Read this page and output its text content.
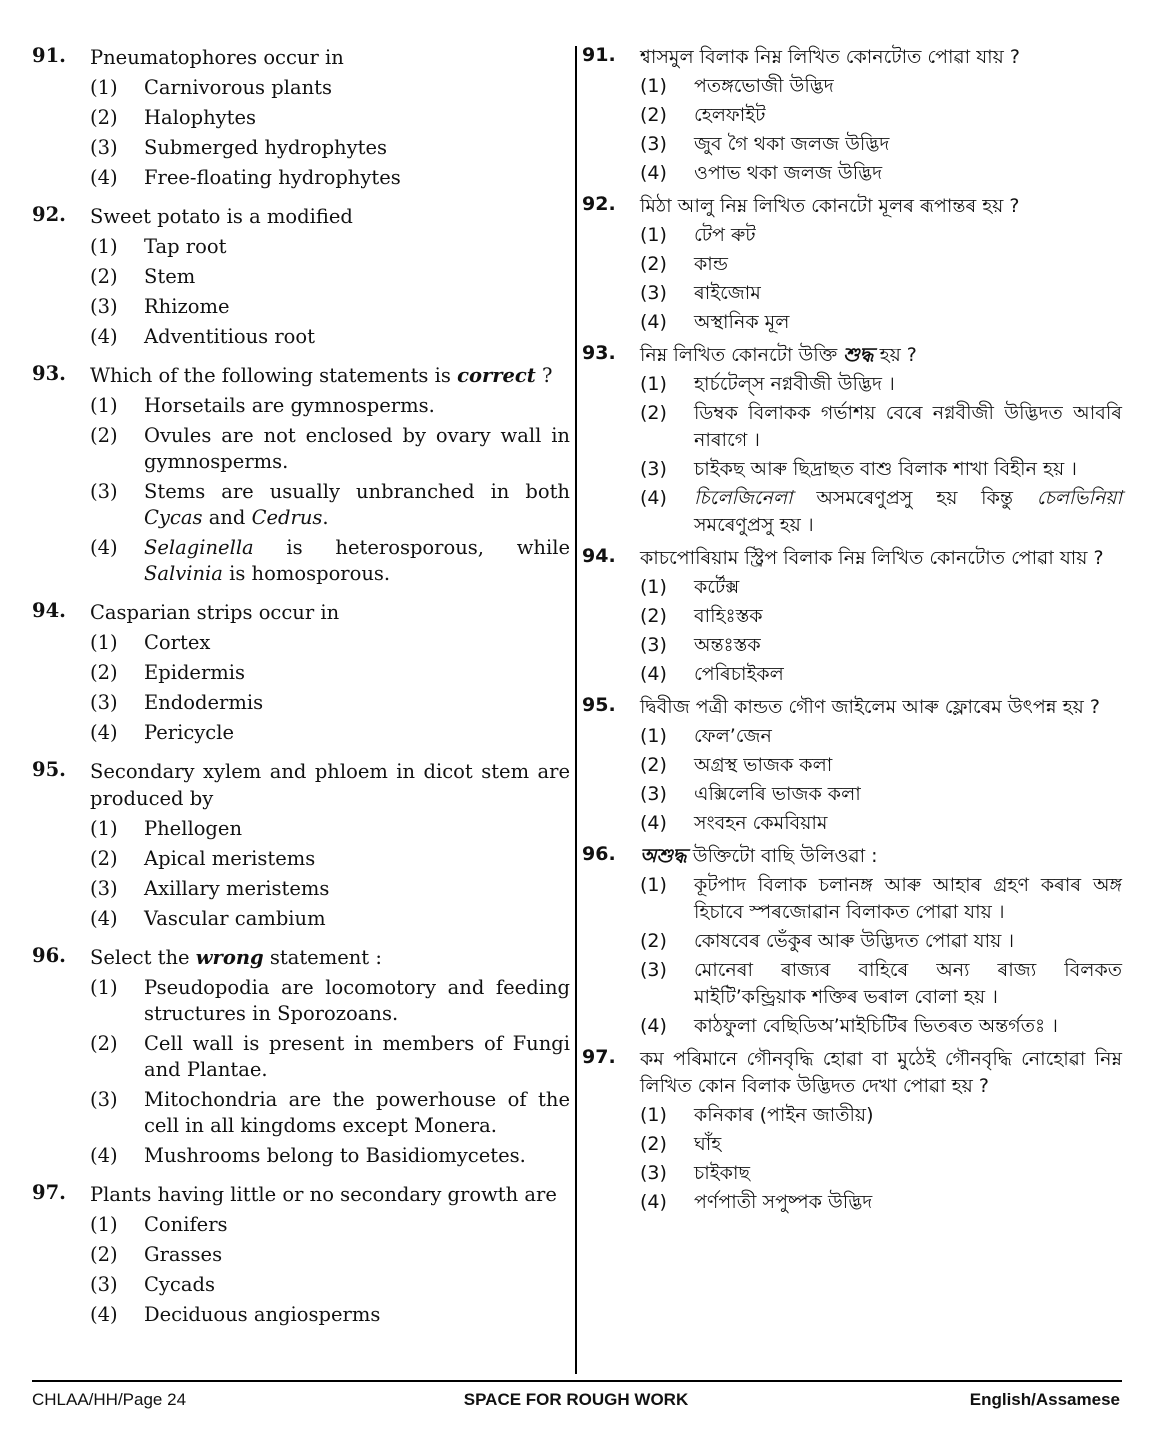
91. Pneumatophores occur in
(1) Carnivorous plants
(2) Halophytes
(3) Submerged hydrophytes
(4) Free-floating hydrophytes
92. Sweet potato is a modified
(1) Tap root
(2) Stem
(3) Rhizome
(4) Adventitious root
93. Which of the following statements is correct ?
(1) Horsetails are gymnosperms.
(2) Ovules are not enclosed by ovary wall in gymnosperms.
(3) Stems are usually unbranched in both Cycas and Cedrus.
(4) Selaginella is heterosporous, while Salvinia is homosporous.
94. Casparian strips occur in
(1) Cortex
(2) Epidermis
(3) Endodermis
(4) Pericycle
95. Secondary xylem and phloem in dicot stem are produced by
(1) Phellogen
(2) Apical meristems
(3) Axillary meristems
(4) Vascular cambium
96. Select the wrong statement :
(1) Pseudopodia are locomotory and feeding structures in Sporozoans.
(2) Cell wall is present in members of Fungi and Plantae.
(3) Mitochondria are the powerhouse of the cell in all kingdoms except Monera.
(4) Mushrooms belong to Basidiomycetes.
97. Plants having little or no secondary growth are
(1) Conifers
(2) Grasses
(3) Cycads
(4) Deciduous angiosperms
91. শ্বাসমুল বিলাক নিম্ন লিখিত কোনটোত পোৱা যায় ?
(1) পতঙ্গভোজী উদ্ভিদ
(2) হেলফাইট
(3) জুব গৈ থকা জলজ উদ্ভিদ
(4) ওপাভ থকা জলজ উদ্ভিদ
92. মিঠা আলু নিম্ন লিখিত কোনটো মূলৰ ৰূপান্তৰ হয় ?
(1) টেপ ৰুট
(2) কান্ড
(3) ৰাইজোম
(4) অস্থানিক মূল
93. নিম্ন লিখিত কোনটো উক্তি শুদ্ধ হয় ?
(1) হাৰ্চটেল্‌স নগ্নবীজী উদ্ভিদ ।
(2) ডিম্বক বিলাকক গৰ্ভাশয় বেৰে নগ্নবীজী উদ্ভিদত আবৰি নাৰাগে ।
(3) চাইকছ আৰু ছিদ্ৰাছত বাশু বিলাক শাখা বিহীন হয় ।
(4) চিলেজিনেলা অসমৰেণুপ্ৰসু হয় কিন্তু চেলভিনিয়া সমৰেণুপ্ৰসু হয় ।
94. কাচপোৰিয়াম স্ট্ৰিপ বিলাক নিম্ন লিখিত কোনটোত পোৱা যায় ?
(1) কৰ্টেক্স
(2) বাহিঃস্তক
(3) অন্তঃস্তক
(4) পেৰিচাইকল
95. দ্বিবীজ পত্ৰী কান্ডত গৌণ জাইলেম আৰু ফ্লোৰেম উৎপন্ন হয় ?
(1) ফেল’জেন
(2) অগ্ৰস্থ ভাজক কলা
(3) এক্সিলেৰি ভাজক কলা
(4) সংবহন কেমবিয়াম
96. অশুদ্ধ উক্তিটো বাছি উলিওৱা :
(1) কূটপাদ বিলাক চলানঙ্গ আৰু আহাৰ গ্ৰহণ কৰাৰ অঙ্গ হিচাবে স্পৰজোৱান বিলাকত পোৱা যায় ।
(2) কোষবেৰ ভেঁকুৰ আৰু উদ্ভিদত পোৱা যায় ।
(3) মোনেৰা ৰাজ্যৰ বাহিৰে অন্য ৰাজ্য বিলকত মাইটি’কন্ড্ৰিয়াক শক্তিৰ ভৰাল বোলা হয় ।
(4) কাঠফুলা বেছিডিঅ’মাইচিটিৰ ভিতৰত অন্তৰ্গতঃ ।
97. কম পৰিমানে গৌনবৃদ্ধি হোৱা বা মুঠেই গৌনবৃদ্ধি নোহোৱা নিম্ন লিখিত কোন বিলাক উদ্ভিদত দেখা পোৱা হয় ?
(1) কনিকাৰ (পাইন জাতীয়)
(2) ঘাঁহ
(3) চাইকাছ
(4) পৰ্ণপাতী সপুষ্পক উদ্ভিদ
CHLAA/HH/Page 24	SPACE FOR ROUGH WORK	English/Assamese
